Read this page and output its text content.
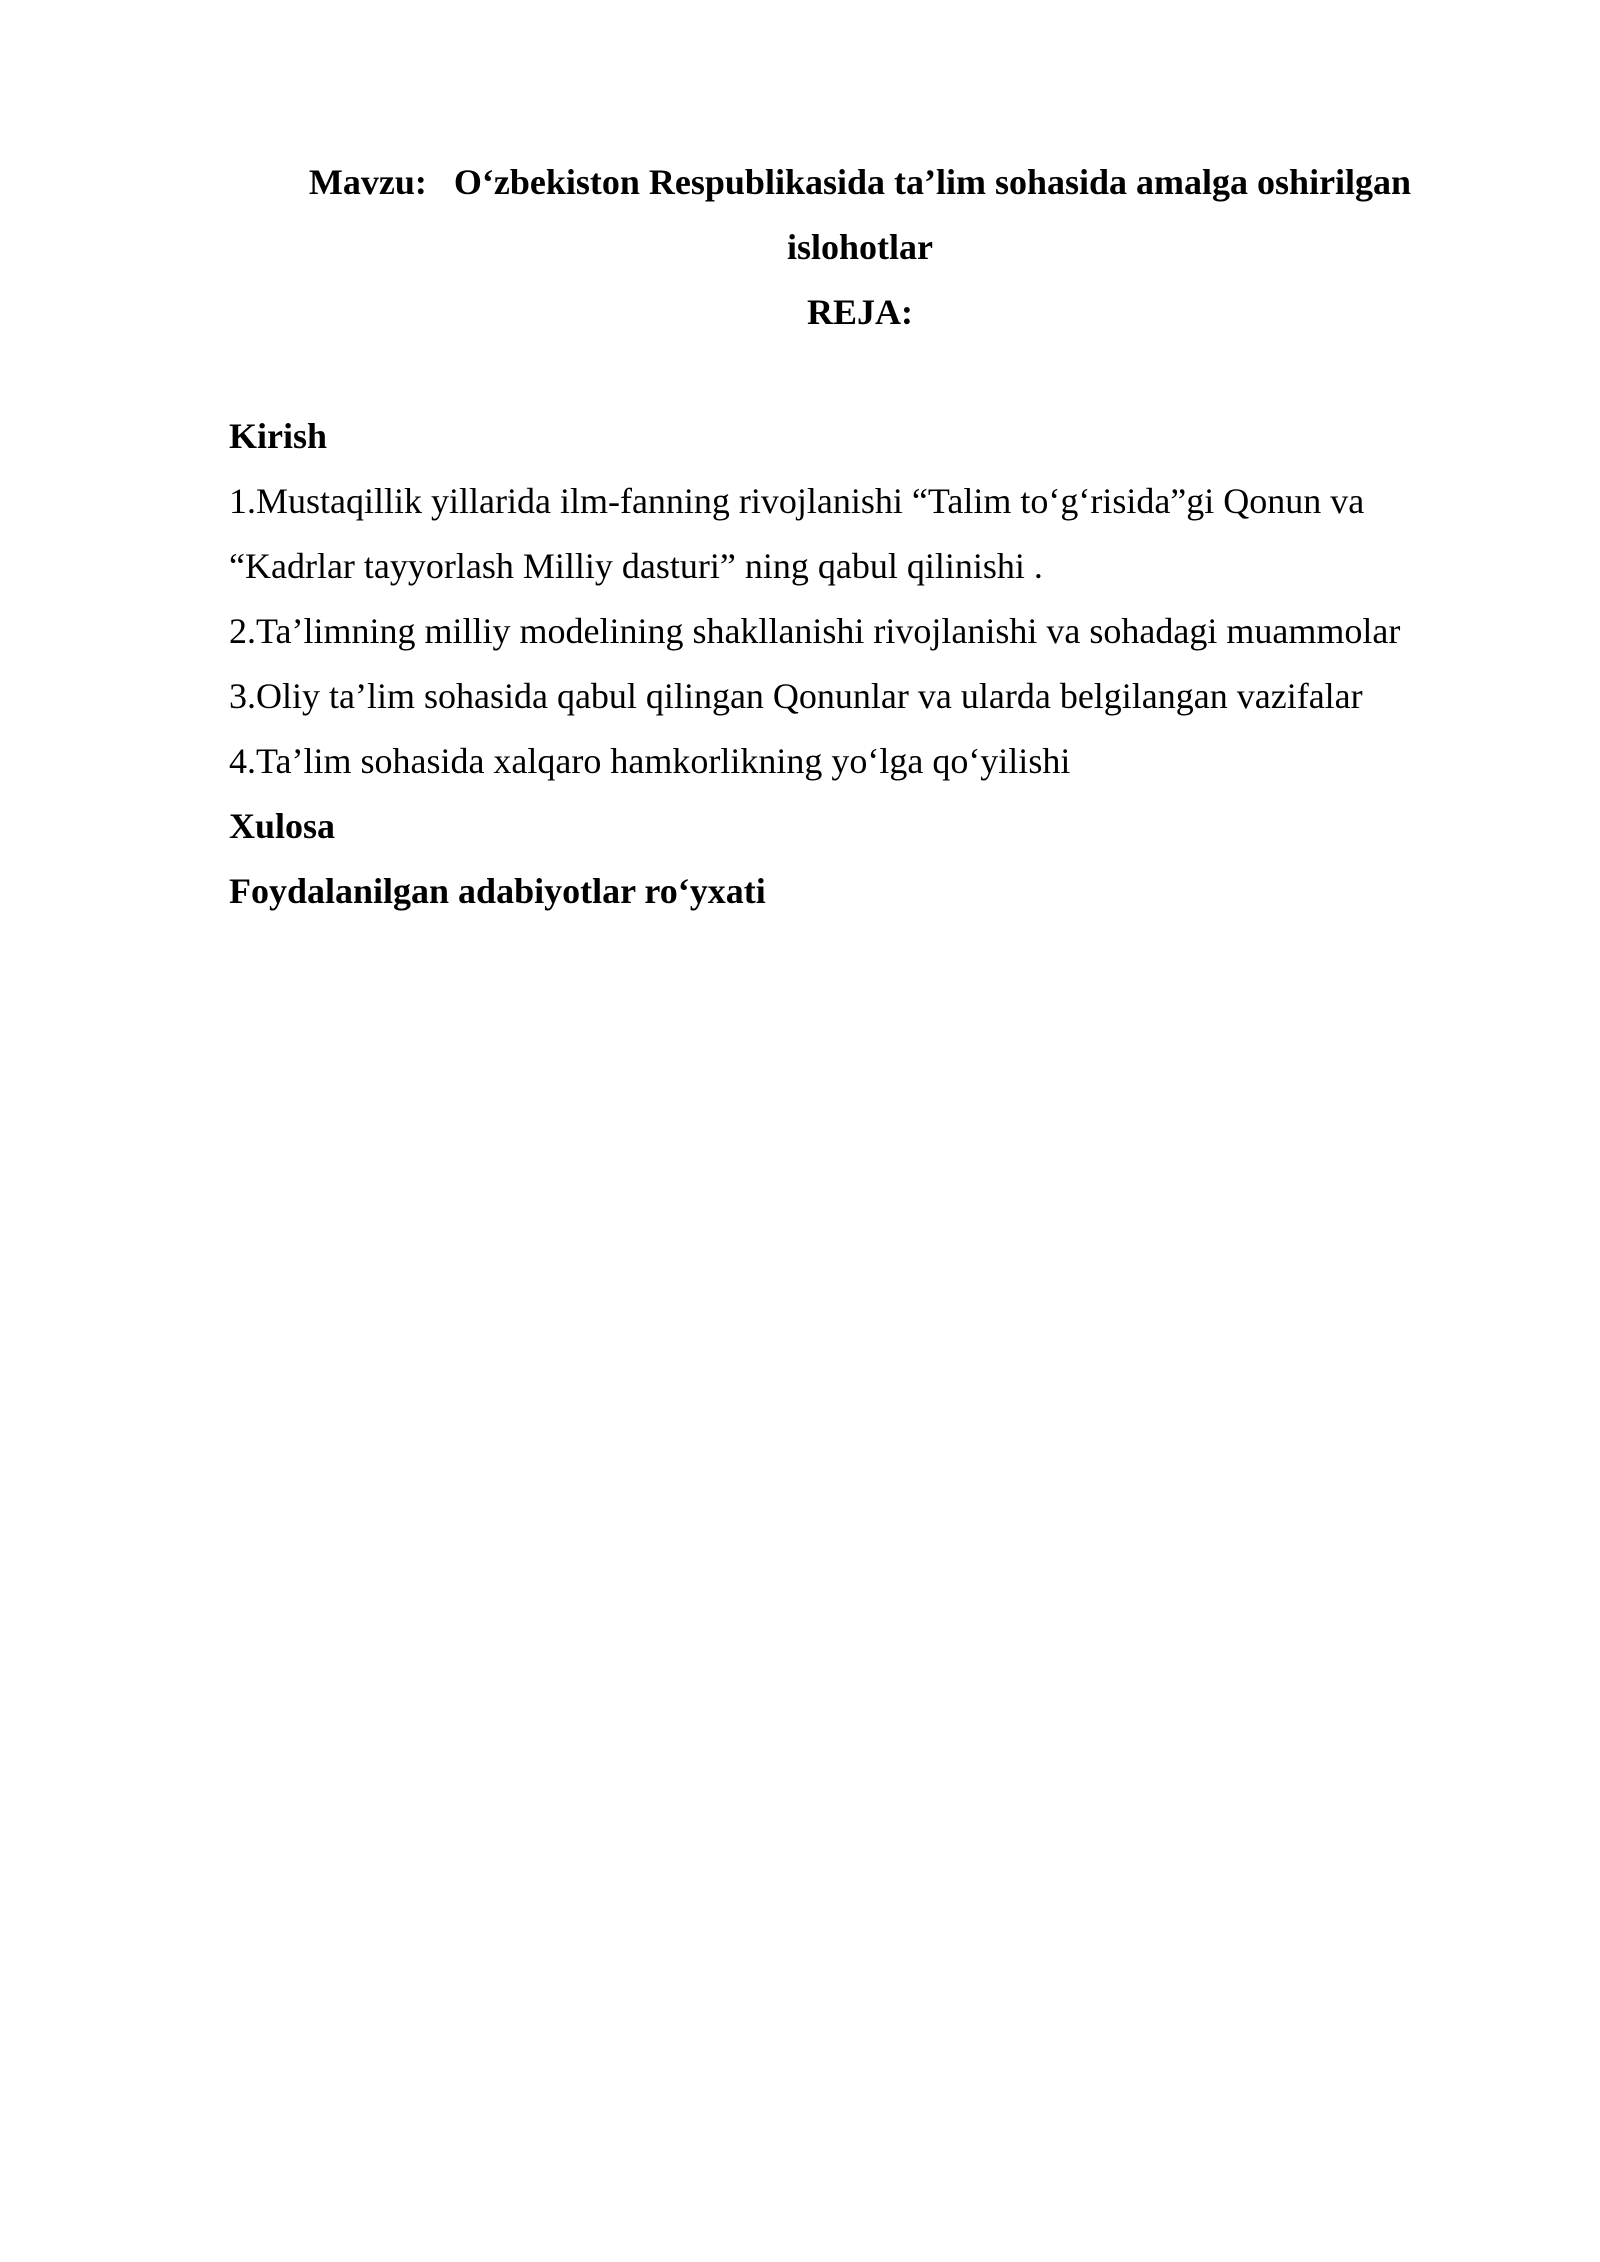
Mavzu: O‘zbekiston Respublikasida ta’lim sohasida amalga oshirilgan
islohotlar
REJA:
Kirish
1.Mustaqillik yillarida ilm-fanning rivojlanishi “Talim to‘g‘risida”gi Qonun va
“Kadrlar tayyorlash Milliy dasturi” ning qabul qilinishi .
2.Ta’limning milliy modelining shakllanishi rivojlanishi va sohadagi muammolar
3.Oliy ta’lim sohasida qabul qilingan Qonunlar va ularda belgilangan vazifalar
4.Ta’lim sohasida xalqaro hamkorlikning yo‘lga qo‘yilishi
Xulosa
Foydalanilgan adabiyotlar ro‘yxati
